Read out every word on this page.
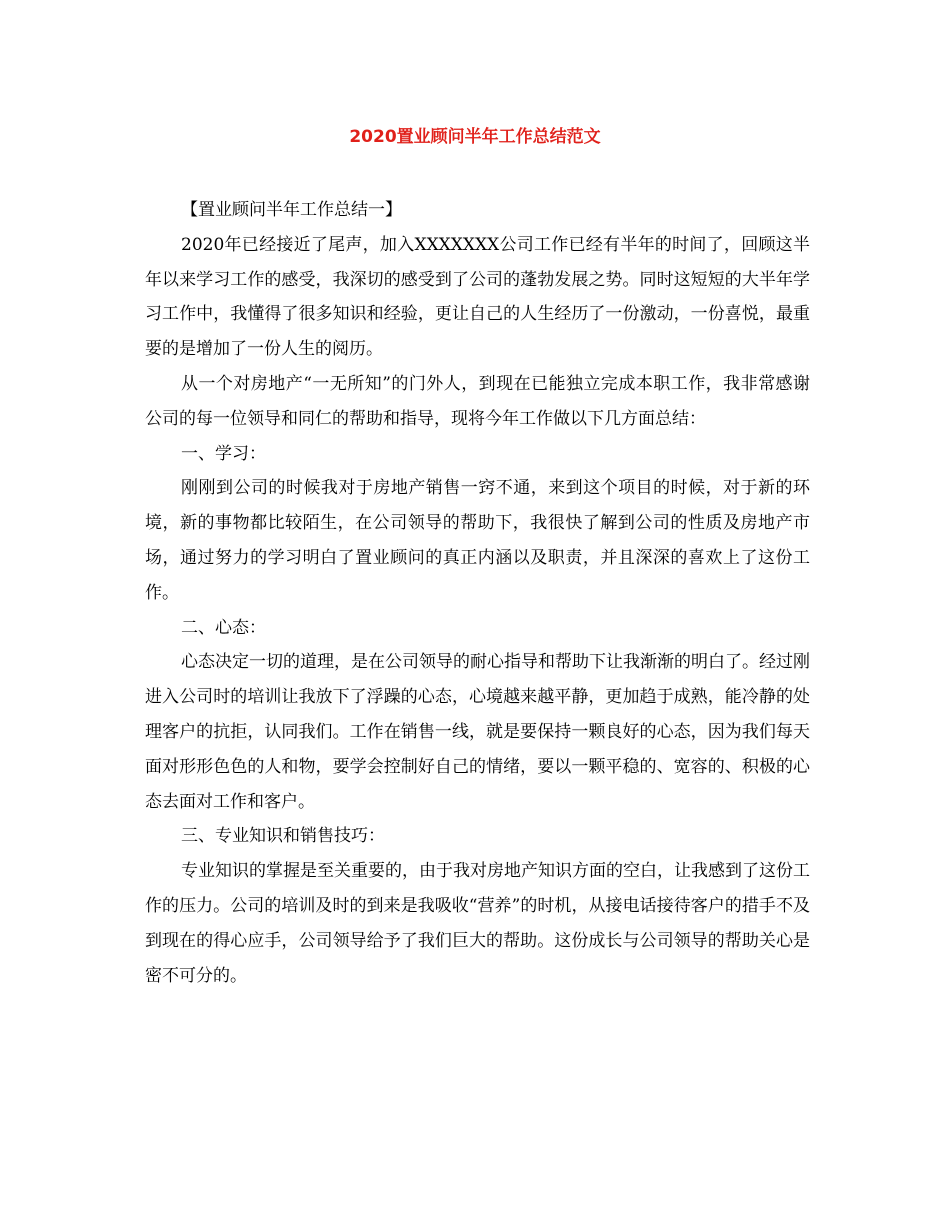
2020置业顾问半年工作总结范文

【置业顾问半年工作总结一】

2020年已经接近了尾声，加入XXXXXXX公司工作已经有半年的时间了，回顾这半年以来学习工作的感受，我深切的感受到了公司的蓬勃发展之势。同时这短短的大半年学习工作中，我懂得了很多知识和经验，更让自己的人生经历了一份激动，一份喜悦，最重要的是增加了一份人生的阅历。

从一个对房地产“一无所知”的门外人，到现在已能独立完成本职工作，我非常感谢公司的每一位领导和同仁的帮助和指导，现将今年工作做以下几方面总结：

一、学习：

刚刚到公司的时候我对于房地产销售一窍不通，来到这个项目的时候，对于新的环境，新的事物都比较陌生，在公司领导的帮助下，我很快了解到公司的性质及房地产市场，通过努力的学习明白了置业顾问的真正内涵以及职责，并且深深的喜欢上了这份工作。

二、心态：

心态决定一切的道理，是在公司领导的耐心指导和帮助下让我渐渐的明白了。经过刚进入公司时的培训让我放下了浮躁的心态，心境越来越平静，更加趋于成熟，能冷静的处理客户的抗拒，认同我们。工作在销售一线，就是要保持一颗良好的心态，因为我们每天面对形形色色的人和物，要学会控制好自己的情绪，要以一颗平稳的、宽容的、积极的心态去面对工作和客户。

三、专业知识和销售技巧：

专业知识的掌握是至关重要的，由于我对房地产知识方面的空白，让我感到了这份工作的压力。公司的培训及时的到来是我吸收“营养”的时机，从接电话接待客户的措手不及到现在的得心应手，公司领导给予了我们巨大的帮助。这份成长与公司领导的帮助关心是密不可分的。
